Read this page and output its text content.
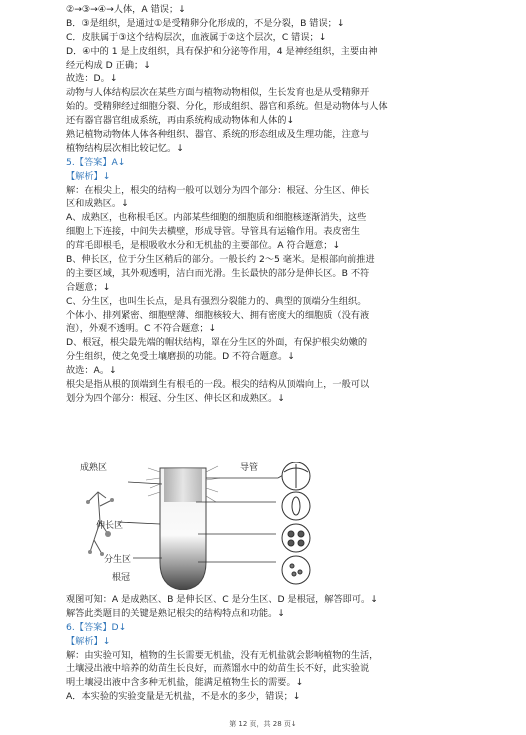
②→③→④→人体，A 错误；↓
B．③是组织，是通过①是受精卵分化形成的，不是分裂，B 错误；↓
C．皮肤属于③这个结构层次，血液属于②这个层次，C 错误；↓
D．④中的 1 是上皮组织，具有保护和分泌等作用，4 是神经组织，主要由神
经元构成 D 正确；↓
故选：D。↓
动物与人体结构层次在某些方面与植物动物相似，生长发育也是从受精卵开
始的。受精卵经过细胞分裂、分化，形成组织、器官和系统。但是动物体与人体
还有器官器官组成系统，再由系统构成动物体和人体的↓
熟记植物动物体人体各种组织、器官、系统的形态组成及生理功能，注意与
植物结构层次相比较记忆。↓
5.【答案】A↓
【解析】↓
解：在根尖上，根尖的结构一般可以划分为四个部分：根冠、分生区、伸长
区和成熟区。↓
A、成熟区，也称根毛区。内部某些细胞的细胞质和细胞核逐渐消失，这些
细胞上下连接，中间失去横壁，形成导管。导管具有运输作用。表皮密生
的茸毛即根毛，是根吸收水分和无机盐的主要部位。A 符合题意；↓
B、伸长区，位于分生区稍后的部分。一般长约 2～5 毫米。是根部向前推进
的主要区域，其外观透明，洁白而光滑。生长最快的部分是伸长区。B 不符
合题意；↓
C、分生区，也叫生长点，是具有强烈分裂能力的、典型的顶端分生组织。
个体小、排列紧密、细胞壁薄、细胞核较大、拥有密度大的细胞质（没有液
泡），外观不透明。C 不符合题意；↓
D、根冠，根尖最先端的帽状结构，罩在分生区的外面，有保护根尖幼嫩的
分生组织，使之免受土壤磨损的功能。D 不符合题意。↓
故选：A。↓
根尖是指从根的顶端到生有根毛的一段。根尖的结构从顶端向上，一般可以
划分为四个部分：根冠、分生区、伸长区和成熟区。↓
成熟区
伸长区
分生区
根冠
导管
观图可知：A 是成熟区、B 是伸长区、C 是分生区、D 是根冠，解答即可。↓
解答此类题目的关键是熟记根尖的结构特点和功能。↓
6.【答案】D↓
【解析】↓
解：由实验可知，植物的生长需要无机盐，没有无机盐就会影响植物的生活，
土壤浸出液中培养的幼苗生长良好，而蒸馏水中的幼苗生长不好，此实验说
明土壤浸出液中含多种无机盐，能满足植物生长的需要。↓
A．本实验的实验变量是无机盐，不是水的多少，错误；↓
第 12 页，共 28 页↓
